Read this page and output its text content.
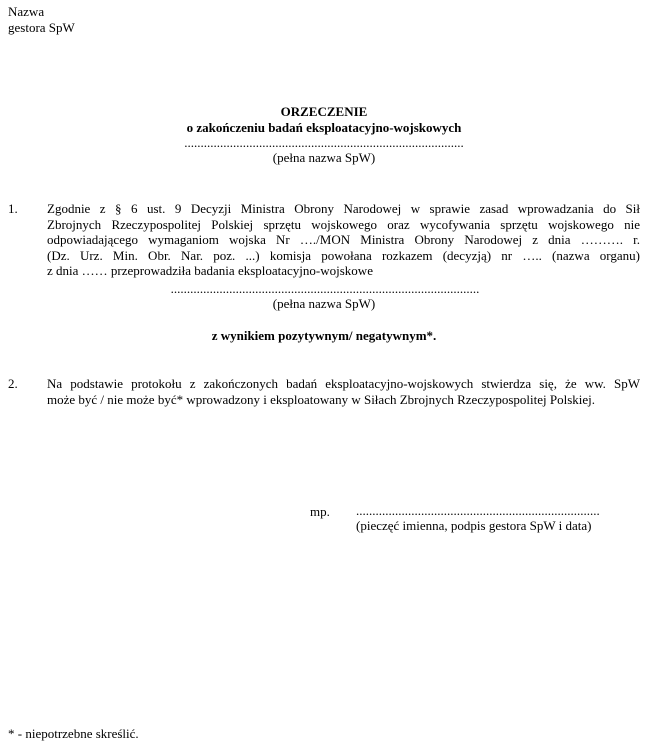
Nazwa
gestora SpW
ORZECZENIE
o zakończeniu badań eksploatacyjno-wojskowych
......................................................................................
(pełna nazwa SpW)
1. Zgodnie z § 6 ust. 9 Decyzji Ministra Obrony Narodowej w sprawie zasad wprowadzania do Sił
Zbrojnych Rzeczypospolitej Polskiej sprzętu wojskowego oraz wycofywania sprzętu wojskowego nie
odpowiadającego wymaganiom wojska Nr …./MON Ministra Obrony Narodowej z dnia ………. r.
(Dz. Urz. Min. Obr. Nar. poz. ...) komisja powołana rozkazem (decyzją) nr ….. (nazwa organu)
z dnia …… przeprowadziła badania eksploatacyjno-wojskowe
...............................................................................................
(pełna nazwa SpW)
z wynikiem pozytywnym/ negatywnym*.
2. Na podstawie protokołu z zakończonych badań eksploatacyjno-wojskowych stwierdza się, że ww. SpW
może być / nie może być* wprowadzony i eksploatowany w Siłach Zbrojnych Rzeczypospolitej Polskiej.
mp. ...........................................................................
(pieczęć imienna, podpis gestora SpW i data)
* - niepotrzebne skreślić.
